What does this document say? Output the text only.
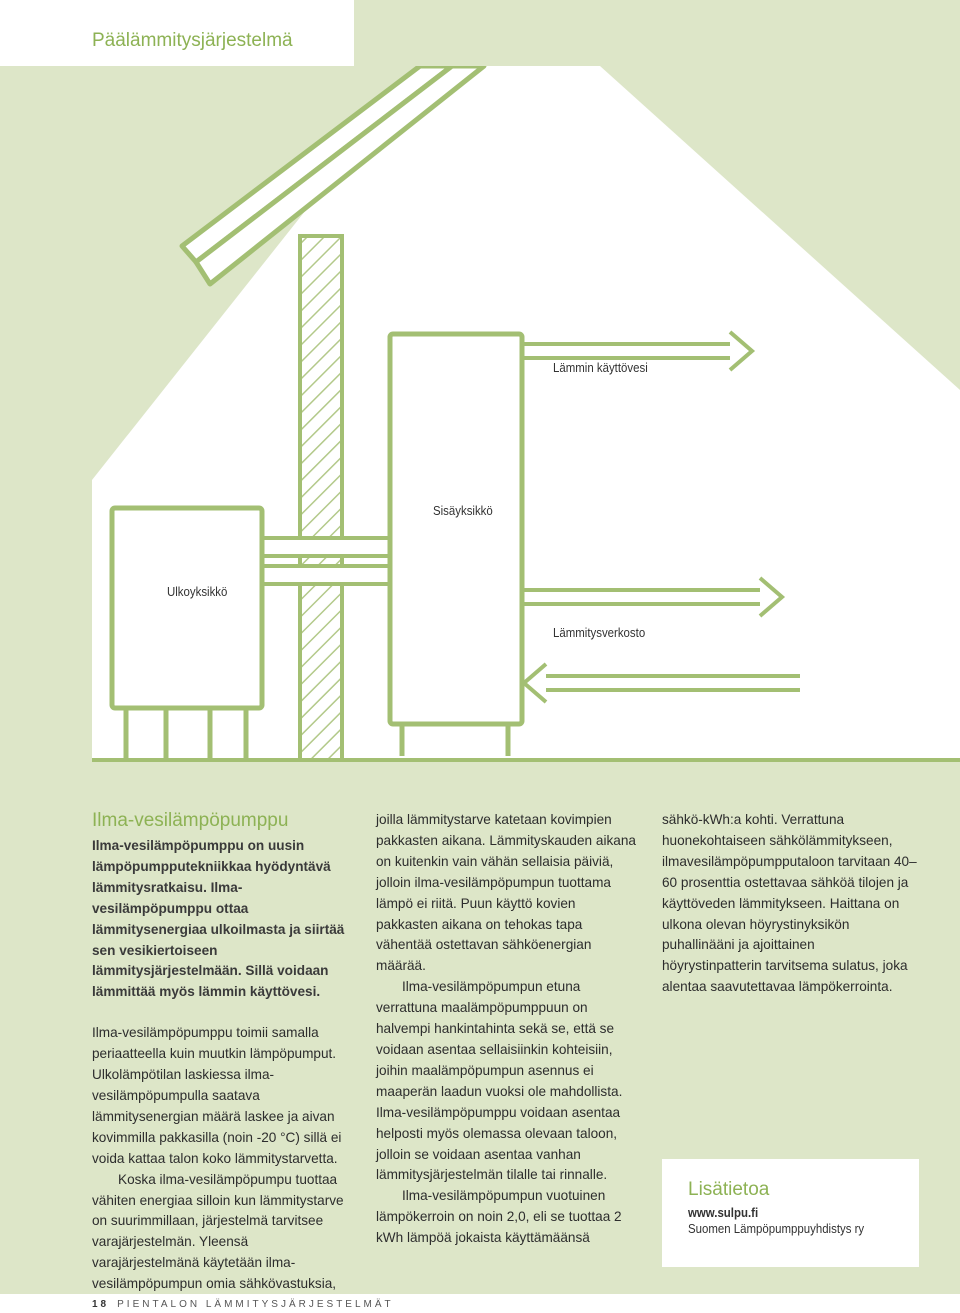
Päälämmitysjärjestelmä
Lämmin käyttövesi
Sisäyksikkö
Ulkoyksikkö
Lämmitysverkosto
Ilma-vesilämpöpumppu

Ilma-vesilämpöpumppu on uusin lämpöpumpputekniikkaa hyödyntävä lämmitysratkaisu. Ilma-vesilämpöpumppu ottaa lämmitysenergiaa ulkoilmasta ja siirtää sen vesikiertoiseen lämmitysjärjestelmään. Sillä voidaan lämmittää myös lämmin käyttövesi.

Ilma-vesilämpöpumppu toimii samalla periaatteella kuin muutkin lämpöpumput. Ulkolämpötilan laskiessa ilma-vesilämpöpumpulla saatava lämmitysenergian määrä laskee ja aivan kovimmilla pakkasilla (noin -20 °C) sillä ei voida kattaa talon koko lämmitystarvetta.

Koska ilma-vesilämpöpumpu tuottaa vähiten energiaa silloin kun lämmitystarve on suurimmillaan, järjestelmä tarvitsee varajärjestelmän. Yleensä varajärjestelmänä käytetään ilma-vesilämpöpumpun omia sähkövastuksia,

joilla lämmitystarve katetaan kovimpien pakkasten aikana. Lämmityskauden aikana on kuitenkin vain vähän sellaisia päiviä, jolloin ilma-vesilämpöpumpun tuottama lämpö ei riitä. Puun käyttö kovien pakkasten aikana on tehokas tapa vähentää ostettavan sähköenergian määrää.

Ilma-vesilämpöpumpun etuna verrattuna maalämpöpumppuun on halvempi hankintahinta sekä se, että se voidaan asentaa sellaisiinkin kohteisiin, joihin maalämpöpumpun asennus ei maaperän laadun vuoksi ole mahdollista. Ilma-vesilämpöpumppu voidaan asentaa helposti myös olemassa olevaan taloon, jolloin se voidaan asentaa vanhan lämmitysjärjestelmän tilalle tai rinnalle.

Ilma-vesilämpöpumpun vuotuinen lämpökerroin on noin 2,0, eli se tuottaa 2 kWh lämpöä jokaista käyttämäänsä

sähkö-kWh:a kohti. Verrattuna huonekohtaiseen sähkölämmitykseen, ilmavesilämpöpumpputaloon tarvitaan 40–60 prosenttia ostettavaa sähköä tilojen ja käyttöveden lämmitykseen. Haittana on ulkona olevan höyrystinyksikön puhallinääni ja ajoittainen höyrystinpatterin tarvitsema sulatus, joka alentaa saavutettavaa lämpökerrointa.

Lisätietoa
www.sulpu.fi
Suomen Lämpöpumppuyhdistys ry
18 PIENTALON LÄMMITYSJÄRJESTELMÄT
